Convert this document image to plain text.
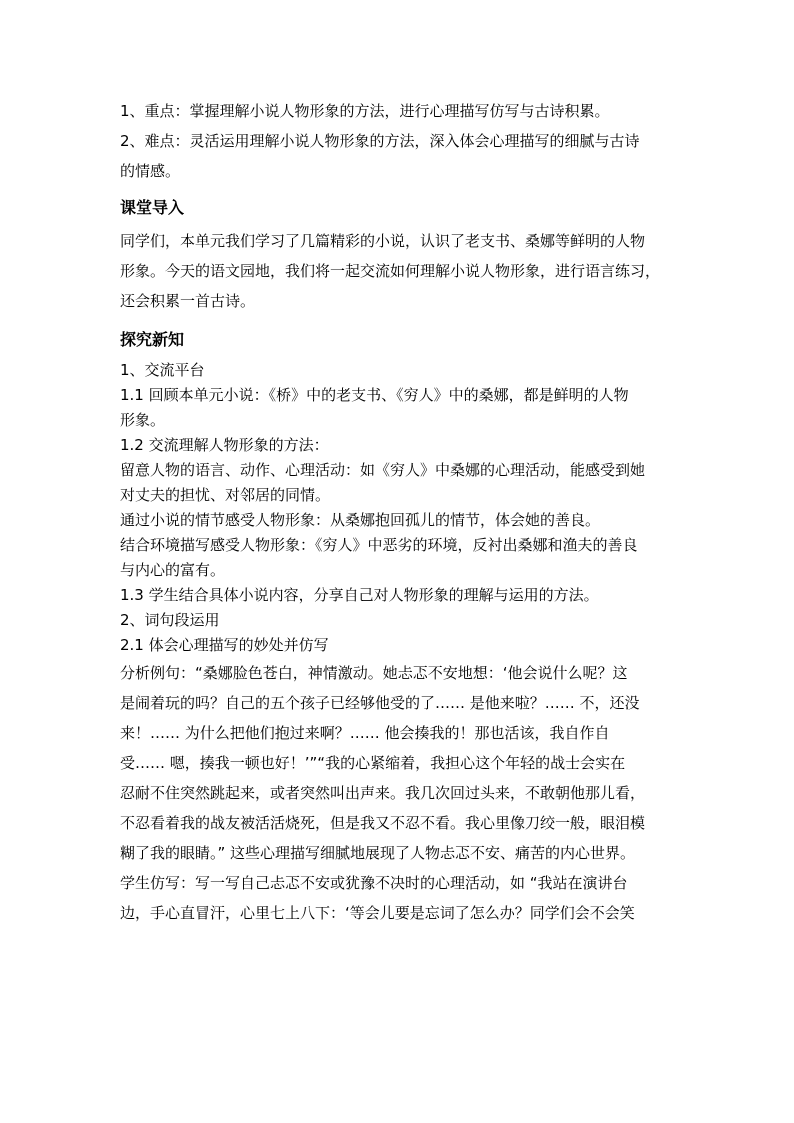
1、重点：掌握理解小说人物形象的方法，进行心理描写仿写与古诗积累。
2、难点：灵活运用理解小说人物形象的方法，深入体会心理描写的细腻与古诗
的情感。
课堂导入
同学们，本单元我们学习了几篇精彩的小说，认识了老支书、桑娜等鲜明的人物
形象。今天的语文园地，我们将一起交流如何理解小说人物形象，进行语言练习，
还会积累一首古诗。
探究新知
1、交流平台
1.1 回顾本单元小说：《桥》中的老支书、《穷人》中的桑娜，都是鲜明的人物
形象。
1.2 交流理解人物形象的方法：
留意人物的语言、动作、心理活动：如《穷人》中桑娜的心理活动，能感受到她
对丈夫的担忧、对邻居的同情。
通过小说的情节感受人物形象：从桑娜抱回孤儿的情节，体会她的善良。
结合环境描写感受人物形象：《穷人》中恶劣的环境，反衬出桑娜和渔夫的善良
与内心的富有。
1.3 学生结合具体小说内容，分享自己对人物形象的理解与运用的方法。
2、词句段运用
2.1 体会心理描写的妙处并仿写
分析例句：“桑娜脸色苍白，神情激动。她忐忑不安地想：‘他会说什么呢？这
是闹着玩的吗？自己的五个孩子已经够他受的了…… 是他来啦？…… 不，还没
来！…… 为什么把他们抱过来啊？…… 他会揍我的！那也活该，我自作自
受…… 嗯，揍我一顿也好！’”“我的心紧缩着，我担心这个年轻的战士会实在
忍耐不住突然跳起来，或者突然叫出声来。我几次回过头来，不敢朝他那儿看，
不忍看着我的战友被活活烧死，但是我又不忍不看。我心里像刀绞一般，眼泪模
糊了我的眼睛。” 这些心理描写细腻地展现了人物忐忑不安、痛苦的内心世界。
学生仿写：写一写自己忐忑不安或犹豫不决时的心理活动，如 “我站在演讲台
边，手心直冒汗，心里七上八下：‘等会儿要是忘词了怎么办？同学们会不会笑
